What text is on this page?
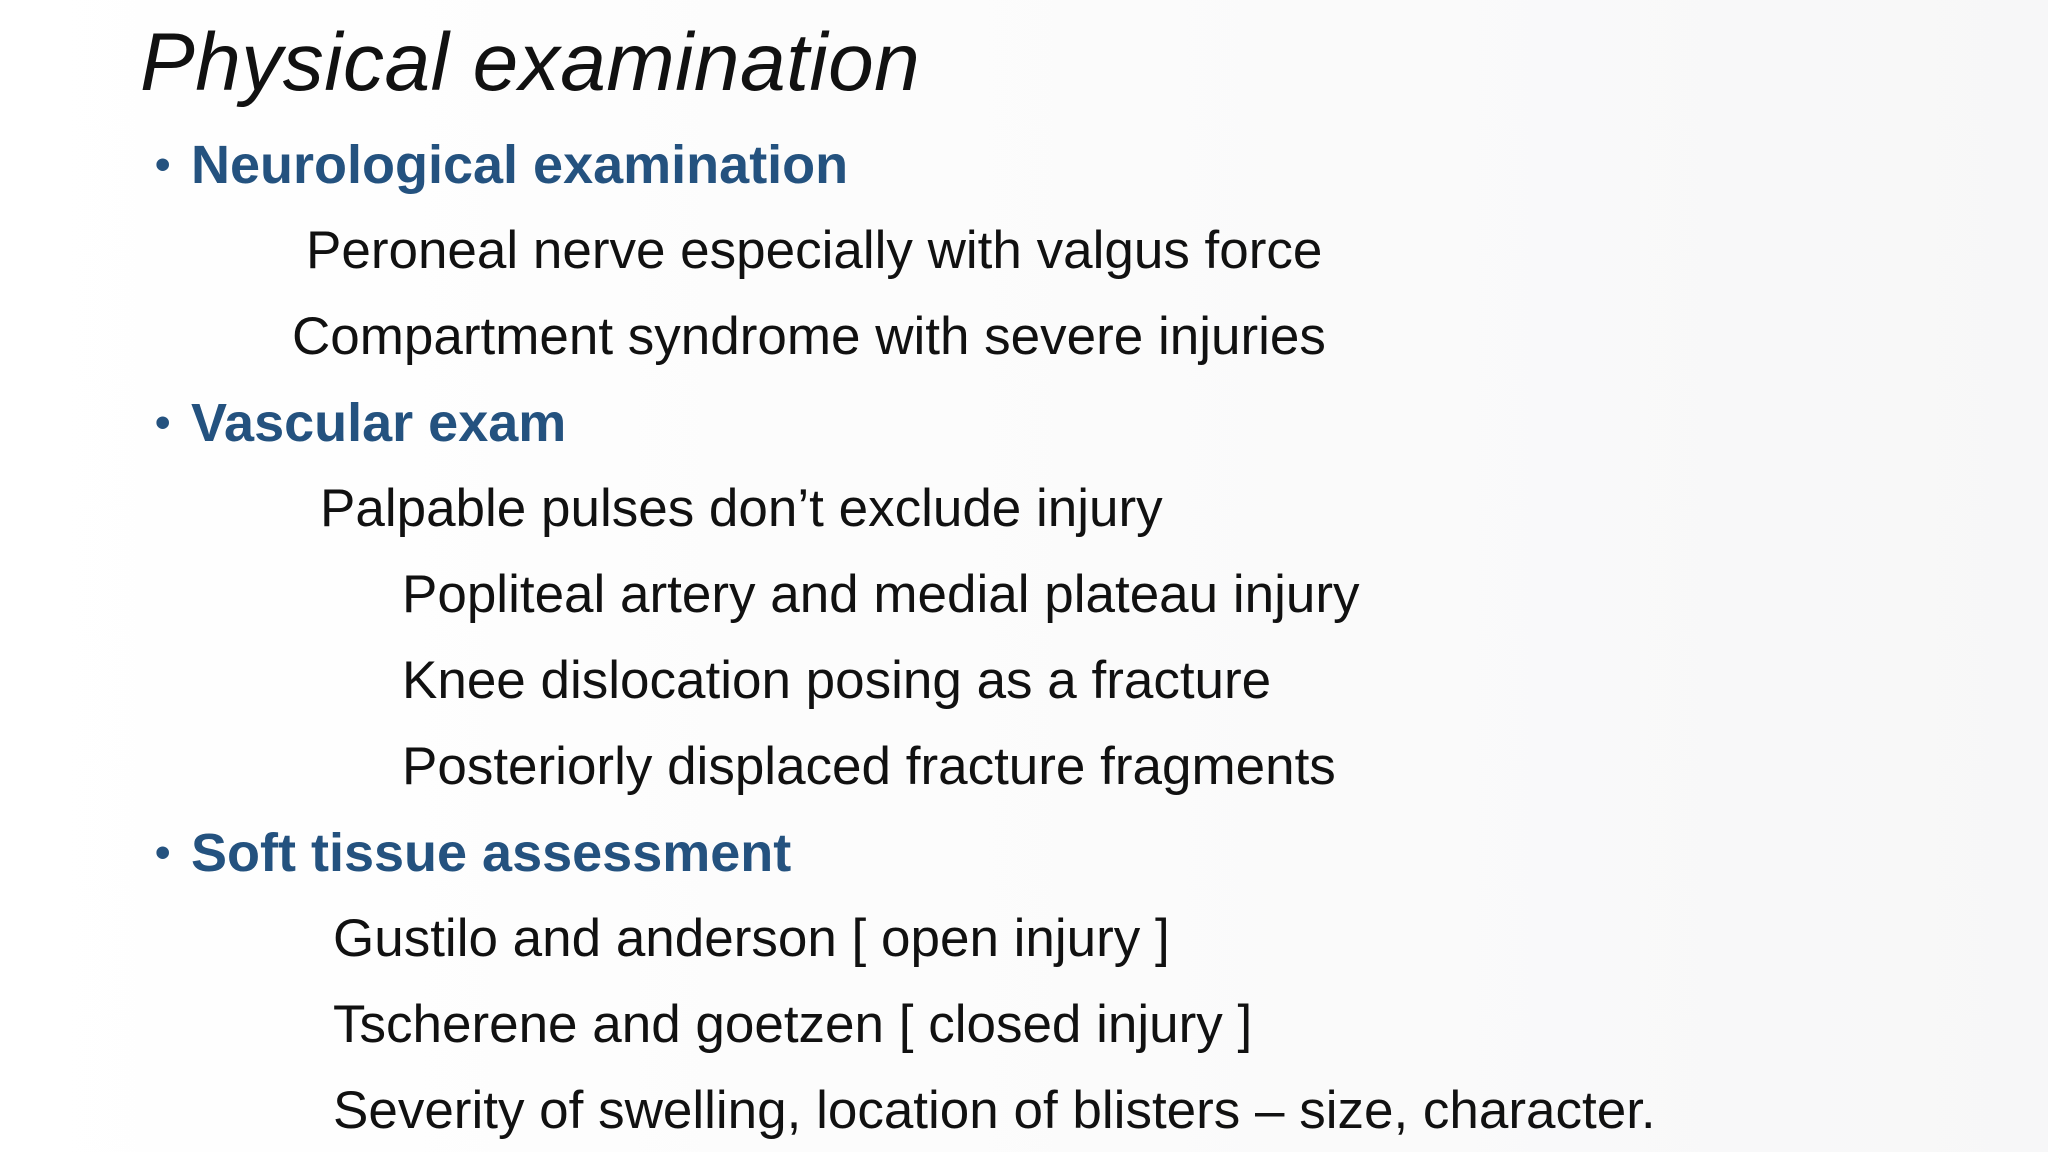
Physical examination
• Neurological examination
Peroneal nerve especially with valgus force
Compartment syndrome with severe injuries
• Vascular exam
Palpable pulses don’t exclude injury
Popliteal artery and medial plateau injury
Knee dislocation posing as a fracture
Posteriorly displaced fracture fragments
• Soft tissue assessment
Gustilo and anderson [ open injury ]
Tscherene and goetzen [ closed injury ]
Severity of swelling, location of blisters – size, character.
